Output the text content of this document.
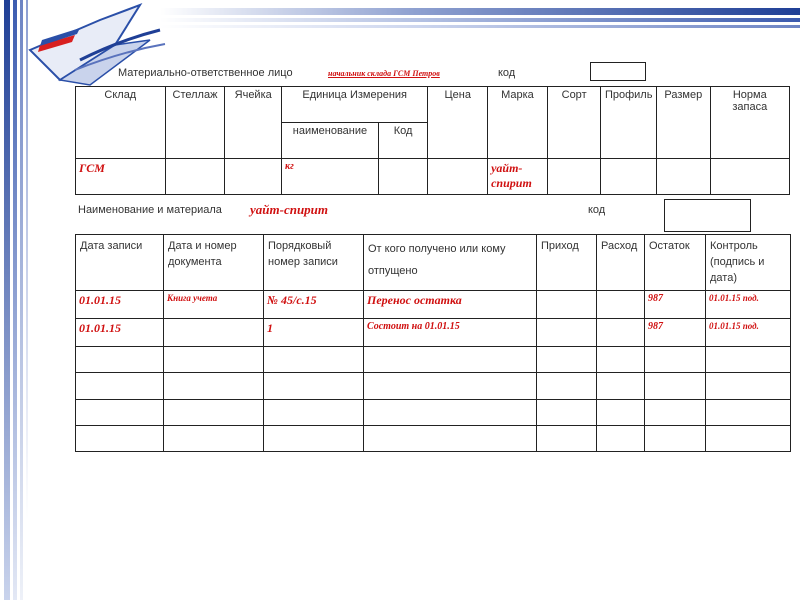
Материально-ответственное лицо	начальник склада ГСМ Петров	код
Склад	Стеллаж	Ячейка	Единица Измерения		Цена	Марка	Сорт	Профиль	Размер	Норма запаса
			наименование	Код						
ГСМ			кг			уайт-спирит				
Наименование и материала уайт-спирит	код
Дата записи	Дата и номер документа	Порядковый номер записи	От кого получено или кому отпущено	Приход	Расход	Остаток	Контроль (подпись и дата)
01.01.15	Книга учета	№ 45/с.15	Перенос остатка			987	01.01.15 под.
01.01.15		1	Состоит на 01.01.15			987	01.01.15 под.
